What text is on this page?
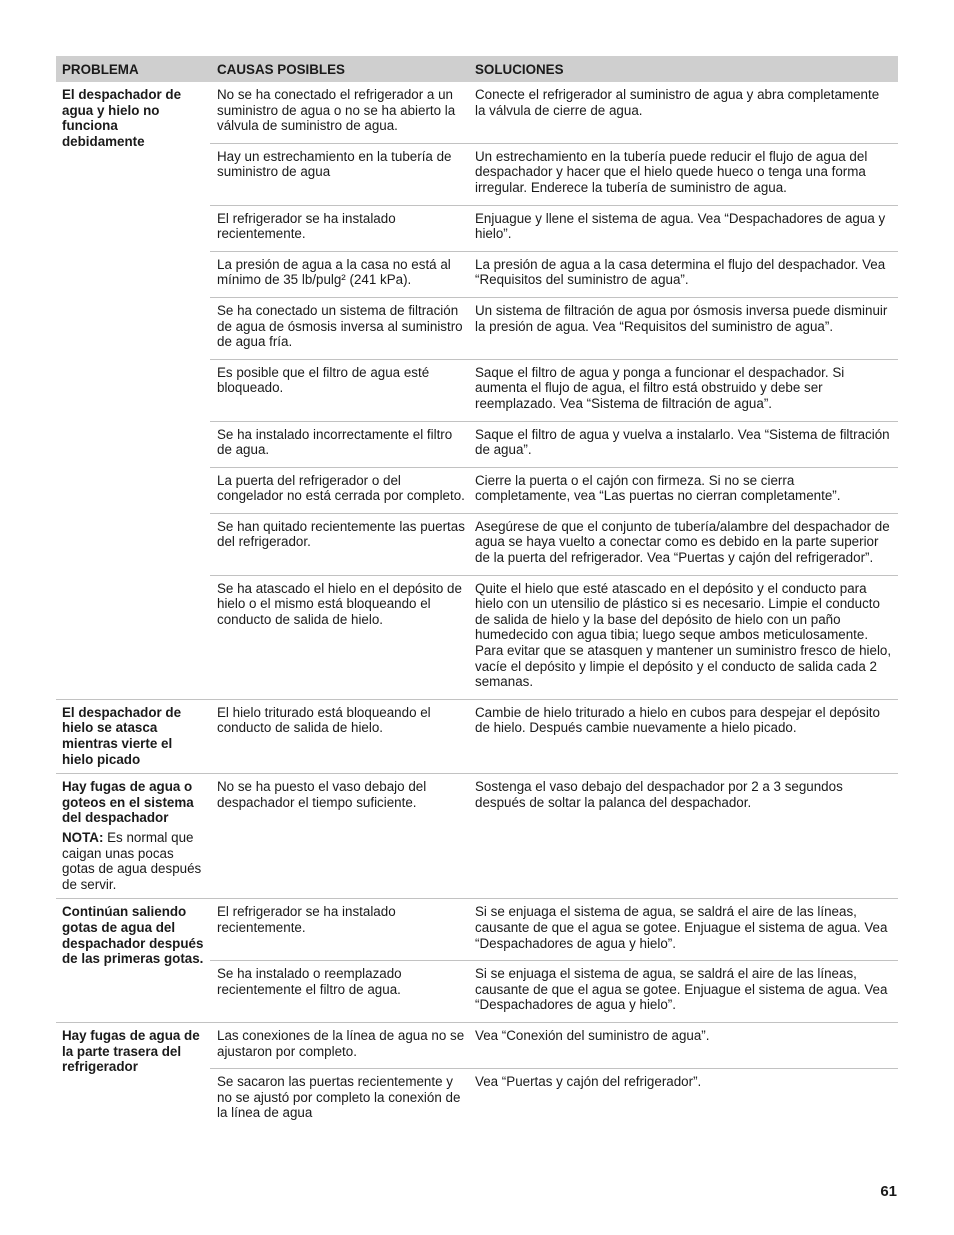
PROBLEMA	CAUSAS POSIBLES	SOLUCIONES
El despachador de agua y hielo no funciona debidamente
No se ha conectado el refrigerador a un suministro de agua o no se ha abierto la válvula de suministro de agua.
Conecte el refrigerador al suministro de agua y abra completamente la válvula de cierre de agua.
Hay un estrechamiento en la tubería de suministro de agua
Un estrechamiento en la tubería puede reducir el flujo de agua del despachador y hacer que el hielo quede hueco o tenga una forma irregular. Enderece la tubería de suministro de agua.
El refrigerador se ha instalado recientemente.
Enjuague y llene el sistema de agua. Vea “Despachadores de agua y hielo”.
La presión de agua a la casa no está al mínimo de 35 lb/pulg² (241 kPa).
La presión de agua a la casa determina el flujo del despachador. Vea “Requisitos del suministro de agua”.
Se ha conectado un sistema de filtración de agua de ósmosis inversa al suministro de agua fría.
Un sistema de filtración de agua por ósmosis inversa puede disminuir la presión de agua. Vea “Requisitos del suministro de agua”.
Es posible que el filtro de agua esté bloqueado.
Saque el filtro de agua y ponga a funcionar el despachador. Si aumenta el flujo de agua, el filtro está obstruido y debe ser reemplazado. Vea “Sistema de filtración de agua”.
Se ha instalado incorrectamente el filtro de agua.
Saque el filtro de agua y vuelva a instalarlo. Vea “Sistema de filtración de agua”.
La puerta del refrigerador o del congelador no está cerrada por completo.
Cierre la puerta o el cajón con firmeza. Si no se cierra completamente, vea “Las puertas no cierran completamente”.
Se han quitado recientemente las puertas del refrigerador.
Asegúrese de que el conjunto de tubería/alambre del despachador de agua se haya vuelto a conectar como es debido en la parte superior de la puerta del refrigerador. Vea “Puertas y cajón del refrigerador”.
Se ha atascado el hielo en el depósito de hielo o el mismo está bloqueando el conducto de salida de hielo.
Quite el hielo que esté atascado en el depósito y el conducto para hielo con un utensilio de plástico si es necesario. Limpie el conducto de salida de hielo y la base del depósito de hielo con un paño humedecido con agua tibia; luego seque ambos meticulosamente. Para evitar que se atasquen y mantener un suministro fresco de hielo, vacíe el depósito y limpie el depósito y el conducto de salida cada 2 semanas.
El despachador de hielo se atasca mientras vierte el hielo picado
El hielo triturado está bloqueando el conducto de salida de hielo.
Cambie de hielo triturado a hielo en cubos para despejar el depósito de hielo. Después cambie nuevamente a hielo picado.
Hay fugas de agua o goteos en el sistema del despachador
NOTA: Es normal que caigan unas pocas gotas de agua después de servir.
No se ha puesto el vaso debajo del despachador el tiempo suficiente.
Sostenga el vaso debajo del despachador por 2 a 3 segundos después de soltar la palanca del despachador.
Continúan saliendo gotas de agua del despachador después de las primeras gotas.
El refrigerador se ha instalado recientemente.
Si se enjuaga el sistema de agua, se saldrá el aire de las líneas, causante de que el agua se gotee. Enjuague el sistema de agua. Vea “Despachadores de agua y hielo”.
Se ha instalado o reemplazado recientemente el filtro de agua.
Si se enjuaga el sistema de agua, se saldrá el aire de las líneas, causante de que el agua se gotee. Enjuague el sistema de agua. Vea “Despachadores de agua y hielo”.
Hay fugas de agua de la parte trasera del refrigerador
Las conexiones de la línea de agua no se ajustaron por completo.
Vea “Conexión del suministro de agua”.
Se sacaron las puertas recientemente y no se ajustó por completo la conexión de la línea de agua
Vea “Puertas y cajón del refrigerador”.
61
